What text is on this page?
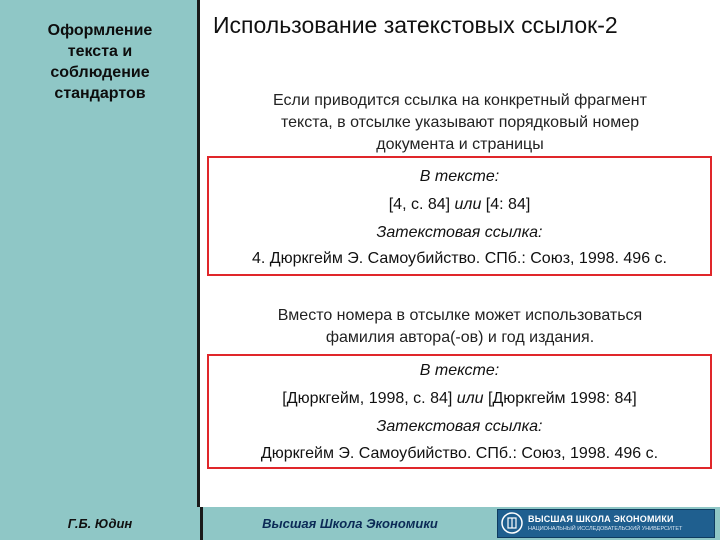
Оформление
текста и
соблюдение
стандартов
Использование затекстовых ссылок-2
Если приводится ссылка на конкретный фрагмент
текста, в отсылке указывают порядковый номер
документа и страницы
В тексте:
[4, с. 84] или [4: 84]
Затекстовая ссылка:
4. Дюркгейм Э. Самоубийство. СПб.: Союз, 1998. 496 с.
Вместо номера в отсылке может использоваться
фамилия автора(-ов) и год издания.
В тексте:
[Дюркгейм, 1998, с. 84] или [Дюркгейм 1998: 84]
Затекстовая ссылка:
Дюркгейм Э. Самоубийство. СПб.: Союз, 1998. 496 с.
Г.Б. Юдин	Высшая Школа Экономики	ВЫСШАЯ ШКОЛА ЭКОНОМИКИ
НАЦИОНАЛЬНЫЙ ИССЛЕДОВАТЕЛЬСКИЙ УНИВЕРСИТЕТ
